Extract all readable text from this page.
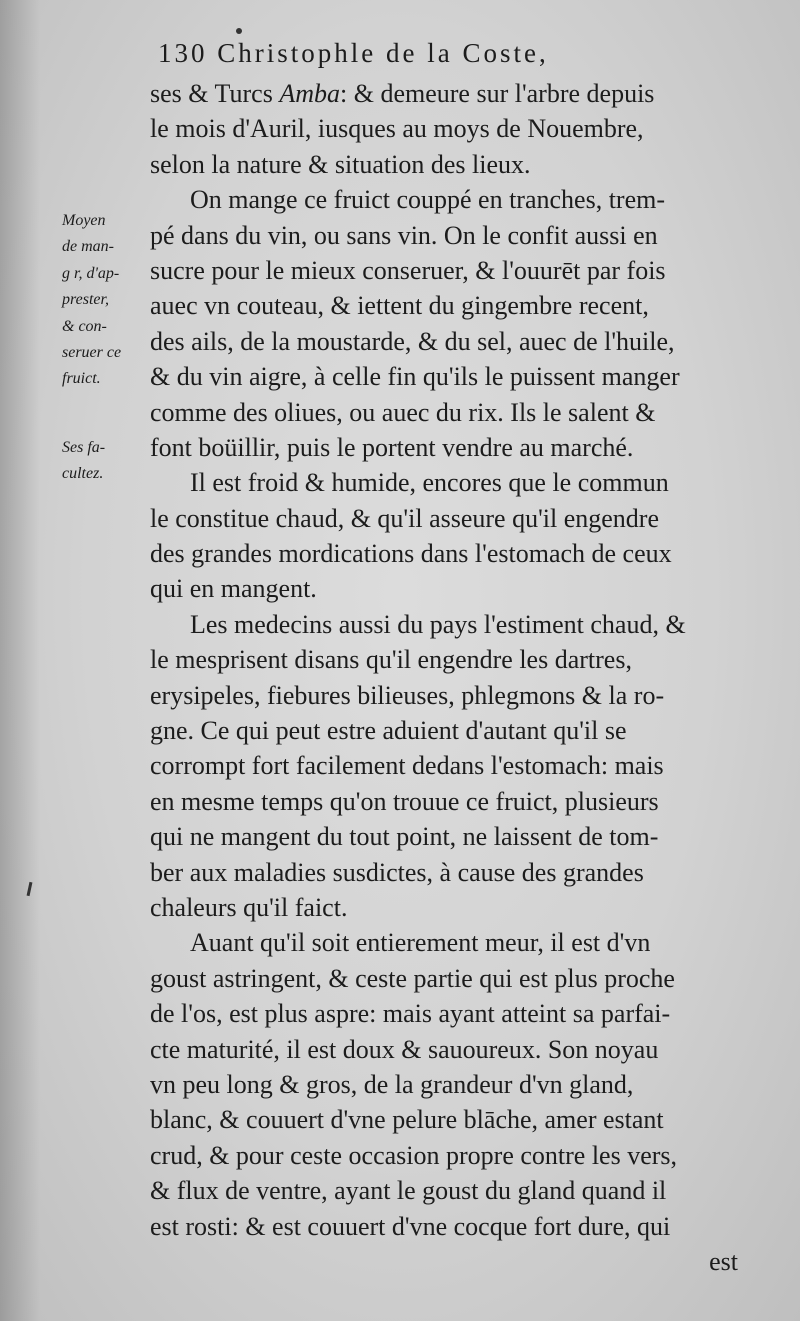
130 Christophle de la Coste,
Moyen
de man-
g r, d'ap-
prester,
& con-
seruer ce
fruict.
Ses fa-
cultez.
ses & Turcs Amba: & demeure sur l'arbre depuis
le mois d'Auril, iusques au moys de Nouembre,
selon la nature & situation des lieux.
On mange ce fruict couppé en tranches, trem-
pé dans du vin, ou sans vin. On le confit aussi en
sucre pour le mieux conseruer, & l'ouurēt par fois
auec vn couteau, & iettent du gingembre recent,
des ails, de la moustarde, & du sel, auec de l'huile,
& du vin aigre, à celle fin qu'ils le puissent manger
comme des oliues, ou auec du rix. Ils le salent &
font boüillir, puis le portent vendre au marché.
Il est froid & humide, encores que le commun
le constitue chaud, & qu'il asseure qu'il engendre
des grandes mordications dans l'estomach de ceux
qui en mangent.
Les medecins aussi du pays l'estiment chaud, &
le mesprisent disans qu'il engendre les dartres,
erysipeles, fiebures bilieuses, phlegmons & la ro-
gne. Ce qui peut estre aduient d'autant qu'il se
corrompt fort facilement dedans l'estomach: mais
en mesme temps qu'on trouue ce fruict, plusieurs
qui ne mangent du tout point, ne laissent de tom-
ber aux maladies susdictes, à cause des grandes
chaleurs qu'il faict.
Auant qu'il soit entierement meur, il est d'vn
goust astringent, & ceste partie qui est plus proche
de l'os, est plus aspre: mais ayant atteint sa parfai-
cte maturité, il est doux & sauoureux. Son noyau
vn peu long & gros, de la grandeur d'vn gland,
blanc, & couuert d'vne pelure blāche, amer estant
crud, & pour ceste occasion propre contre les vers,
& flux de ventre, ayant le goust du gland quand il
est rosti: & est couuert d'vne cocque fort dure, qui
est
